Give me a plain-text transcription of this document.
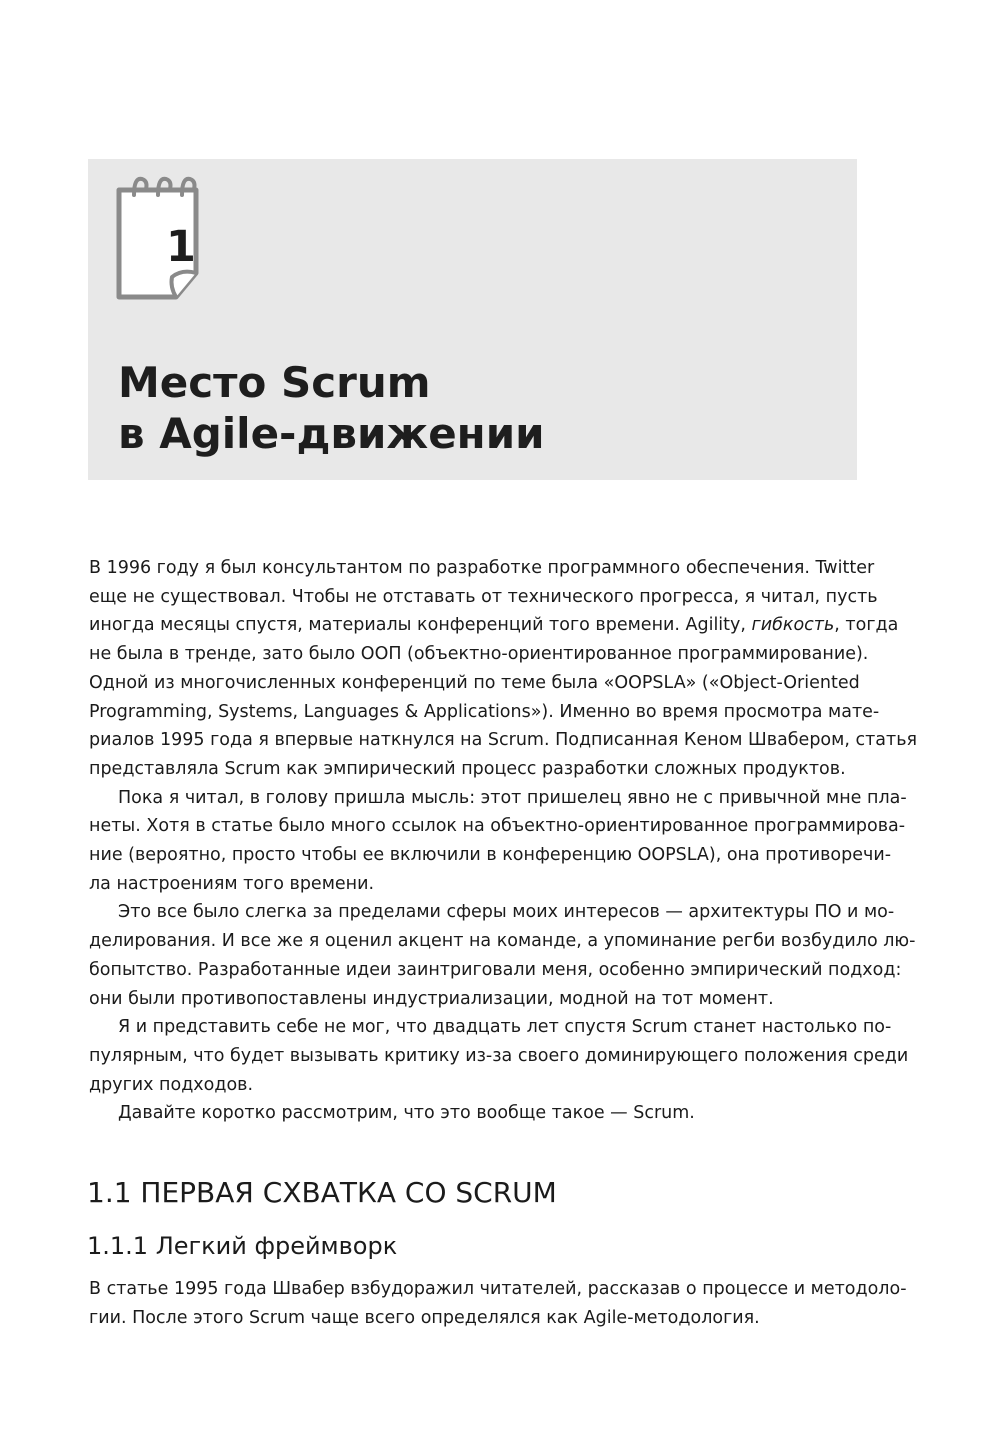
1
Место Scrum
в Agile-движении
В 1996 году я был консультантом по разработке программного обеспечения. Twitter
еще не существовал. Чтобы не отставать от технического прогресса, я читал, пусть
иногда месяцы спустя, материалы конференций того времени. Agility, гибкость, тогда
не была в тренде, зато было ООП (объектно-ориентированное программирование).
Одной из многочисленных конференций по теме была «OOPSLA» («Object-Oriented
Programming, Systems, Languages & Applications»). Именно во время просмотра мате-
риалов 1995 года я впервые наткнулся на Scrum. Подписанная Кеном Швабером, статья
представляла Scrum как эмпирический процесс разработки сложных продуктов.
Пока я читал, в голову пришла мысль: этот пришелец явно не с привычной мне пла-
неты. Хотя в статье было много ссылок на объектно-ориентированное программирова-
ние (вероятно, просто чтобы ее включили в конференцию OOPSLA), она противоречи-
ла настроениям того времени.
Это все было слегка за пределами сферы моих интересов — архитектуры ПО и мо-
делирования. И все же я оценил акцент на команде, а упоминание регби возбудило лю-
бопытство. Разработанные идеи заинтриговали меня, особенно эмпирический подход:
они были противопоставлены индустриализации, модной на тот момент.
Я и представить себе не мог, что двадцать лет спустя Scrum станет настолько по-
пулярным, что будет вызывать критику из-за своего доминирующего положения среди
других подходов.
Давайте коротко рассмотрим, что это вообще такое — Scrum.
1.1 ПЕРВАЯ СХВАТКА СО SCRUM
1.1.1 Легкий фреймворк
В статье 1995 года Швабер взбудоражил читателей, рассказав о процессе и методоло-
гии. После этого Scrum чаще всего определялся как Agile-методология.
